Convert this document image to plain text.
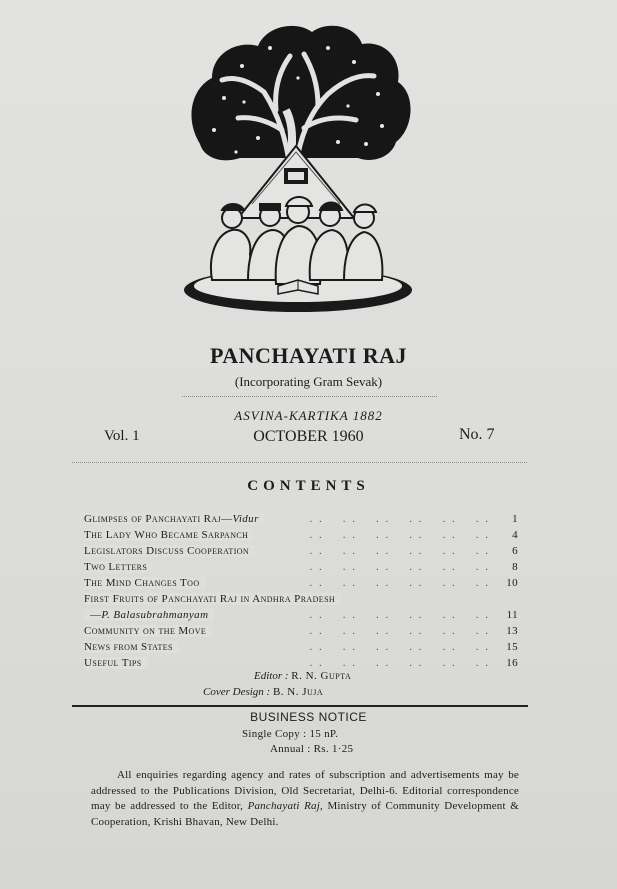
PANCHAYATI RAJ
(Incorporating Gram Sevak)
ASVINA-KARTIKA 1882
Vol. 1	OCTOBER 1960	No. 7
CONTENTS
. .    . .    . .    . .    . .    . .
Glimpses of Panchayati Raj—Vidur	1
. .    . .    . .    . .    . .    . .
The Lady Who Became Sarpanch	4
. .    . .    . .    . .    . .    . .
Legislators Discuss Cooperation	6
. .    . .    . .    . .    . .    . .
Two Letters	8
. .    . .    . .    . .    . .    . .
The Mind Changes Too	10
First Fruits of Panchayati Raj in Andhra Pradesh
. .    . .    . .    . .    . .    . .
—P. Balasubrahmanyam	11
. .    . .    . .    . .    . .    . .
Community on the Move	13
. .    . .    . .    . .    . .    . .
News from States	15
. .    . .    . .    . .    . .    . .
Useful Tips	16
Editor : R. N. Gupta
Cover Design : B. N. Juja
BUSINESS NOTICE
Single Copy : 15 nP.
Annual : Rs. 1·25
All enquiries regarding agency and rates of subscription and advertisements may be addressed to the Publications Division, Old Secretariat, Delhi-6. Editorial correspondence may be addressed to the Editor, Panchayati Raj, Ministry of Community Development & Cooperation, Krishi Bhavan, New Delhi.
